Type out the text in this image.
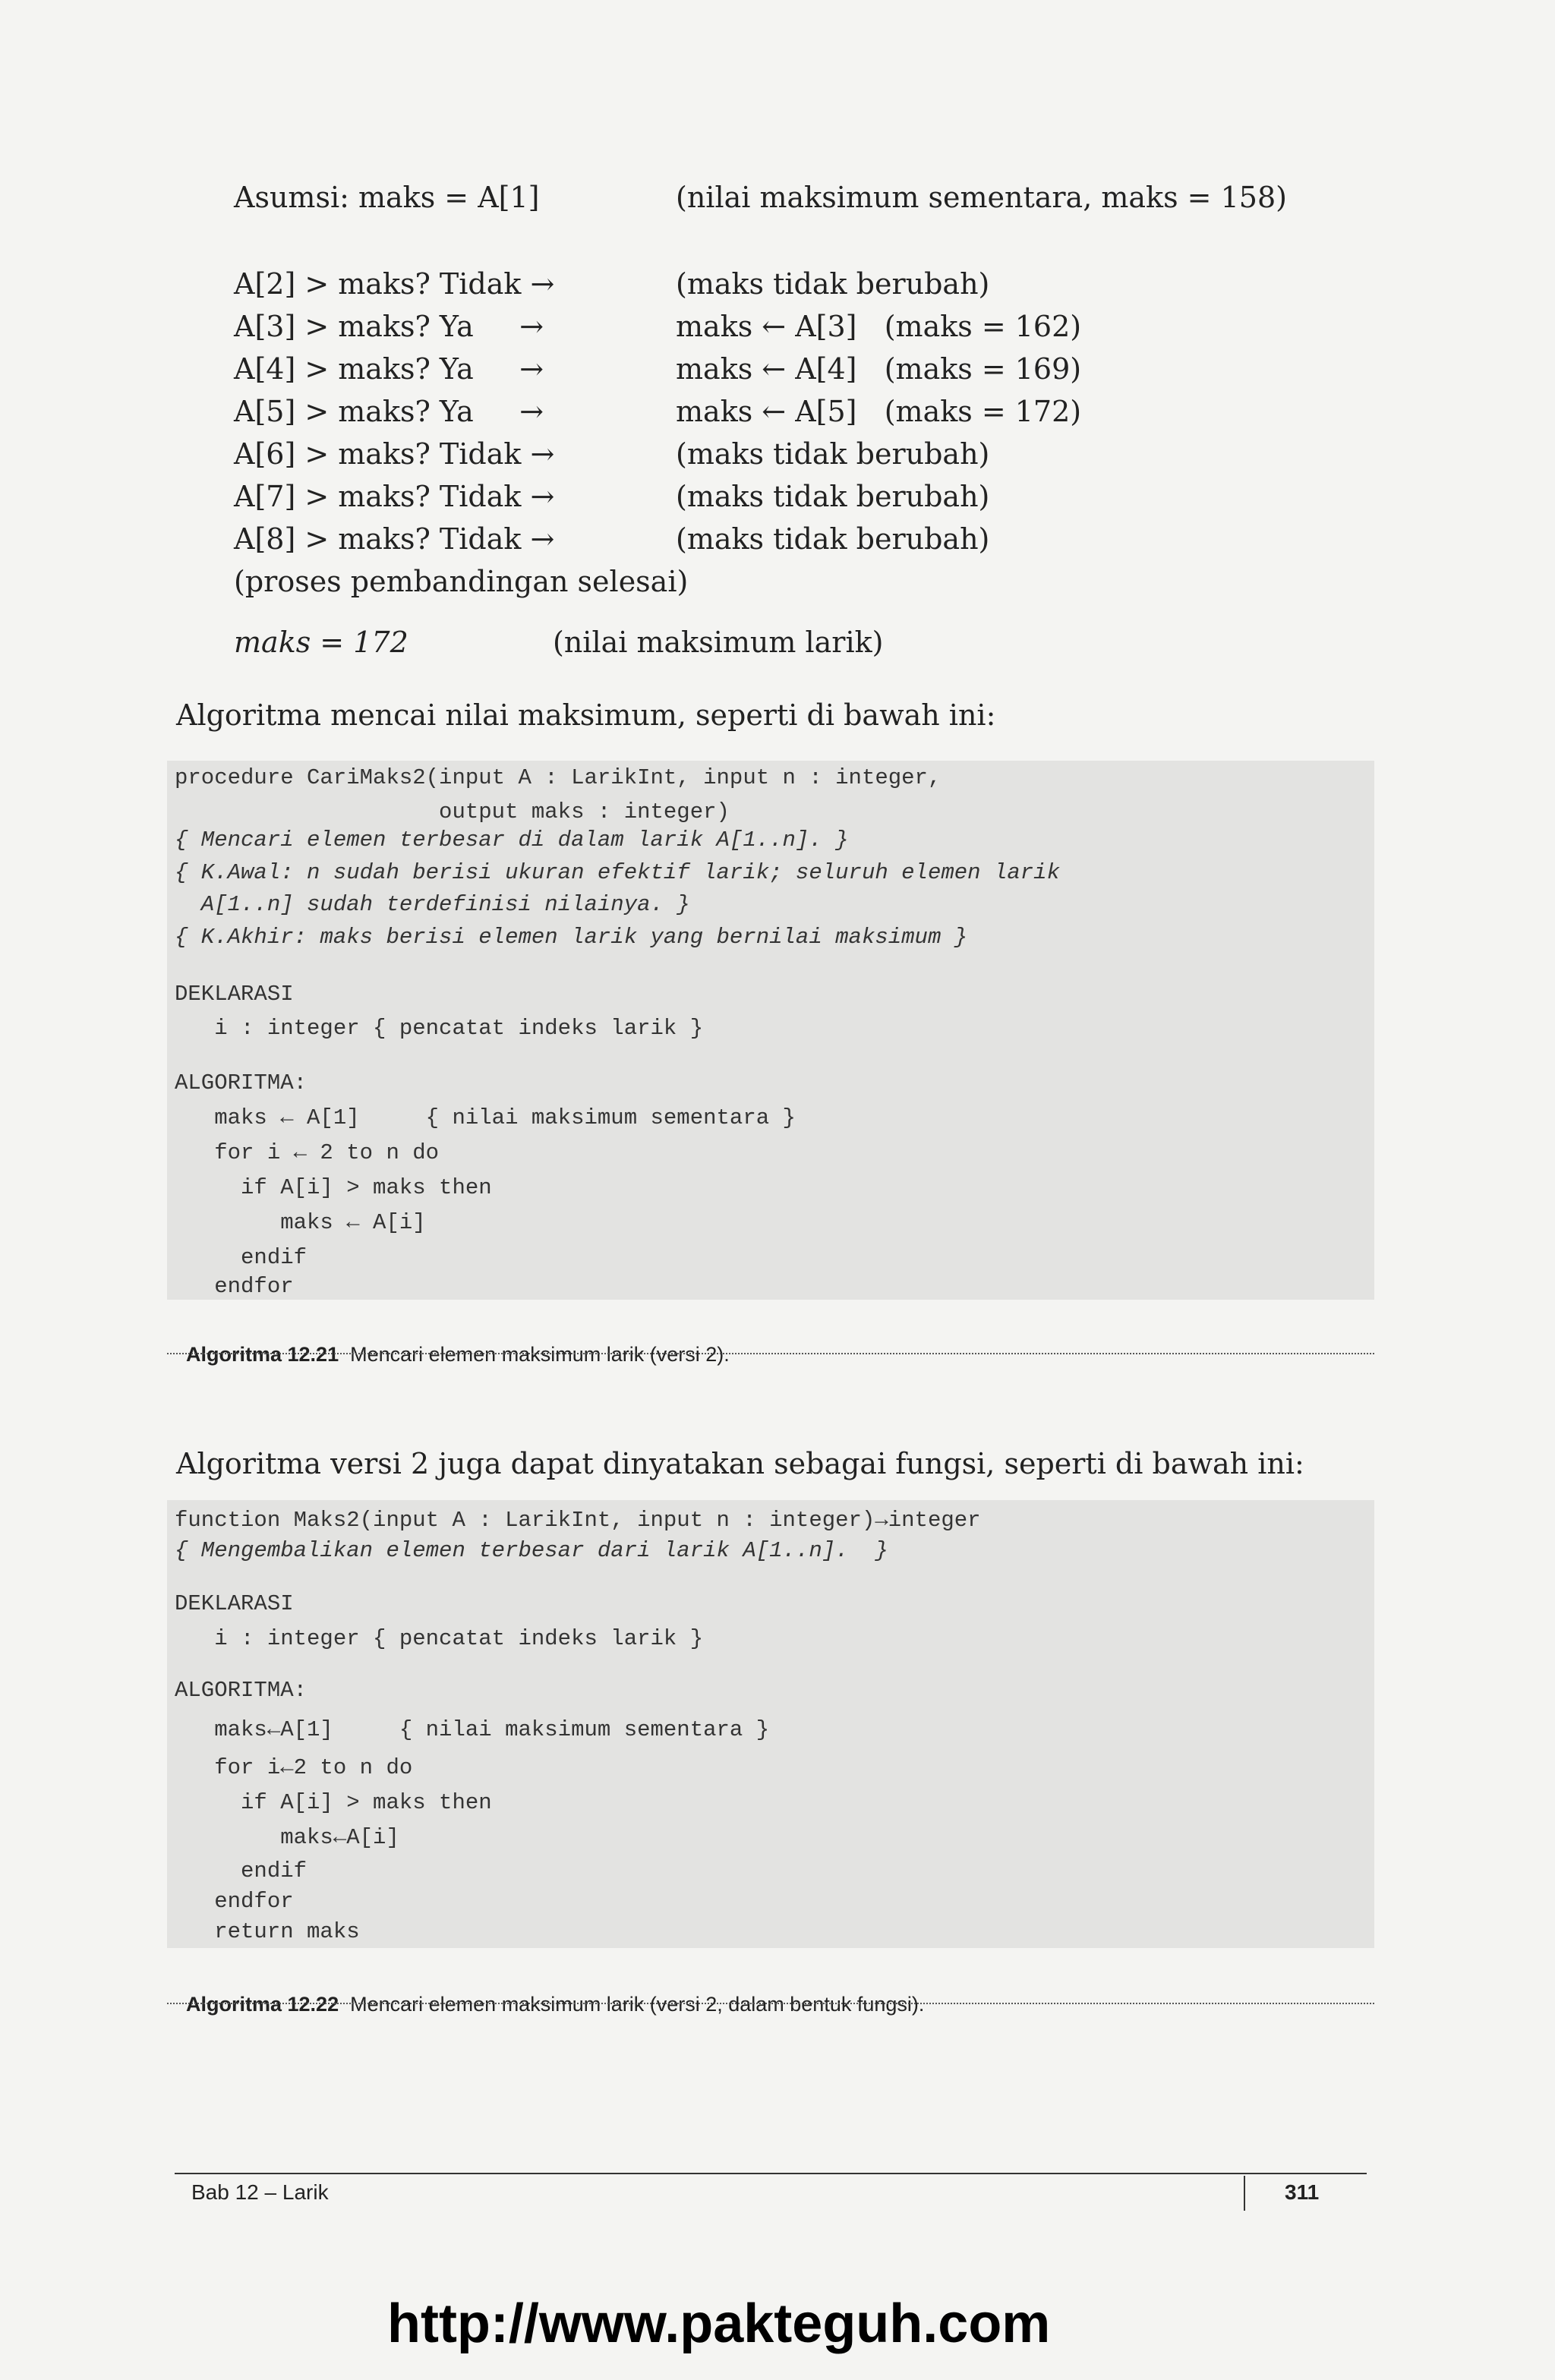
Asumsi: maks = A[1]	(nilai maksimum sementara, maks = 158)
A[2] > maks? Tidak →	(maks tidak berubah)
A[3] > maks? Ya     →	maks ← A[3]   (maks = 162)
A[4] > maks? Ya     →	maks ← A[4]   (maks = 169)
A[5] > maks? Ya     →	maks ← A[5]   (maks = 172)
A[6] > maks? Tidak →	(maks tidak berubah)
A[7] > maks? Tidak →	(maks tidak berubah)
A[8] > maks? Tidak →	(maks tidak berubah)
(proses pembandingan selesai)
maks = 172	(nilai maksimum larik)
Algoritma mencai nilai maksimum, seperti di bawah ini:
procedure CariMaks2(input A : LarikInt, input n : integer,
output maks : integer)
{ Mencari elemen terbesar di dalam larik A[1..n]. }
{ K.Awal: n sudah berisi ukuran efektif larik; seluruh elemen larik
A[1..n] sudah terdefinisi nilainya. }
{ K.Akhir: maks berisi elemen larik yang bernilai maksimum }
DEKLARASI
i : integer { pencatat indeks larik }
ALGORITMA:
maks ← A[1]     { nilai maksimum sementara }
for i ← 2 to n do
if A[i] > maks then
maks ← A[i]
endif
endfor

Algoritma 12.21 Mencari elemen maksimum larik (versi 2).

Algoritma versi 2 juga dapat dinyatakan sebagai fungsi, seperti di bawah ini:
function Maks2(input A : LarikInt, input n : integer)→integer
{ Mengembalikan elemen terbesar dari larik A[1..n].  }
DEKLARASI
i : integer { pencatat indeks larik }
ALGORITMA:
maks←A[1]     { nilai maksimum sementara }
for i←2 to n do
if A[i] > maks then
maks←A[i]
endif
endfor
return maks

Algoritma 12.22 Mencari elemen maksimum larik (versi 2, dalam bentuk fungsi).

Bab 12 – Larik	311
http://www.pakteguh.com
